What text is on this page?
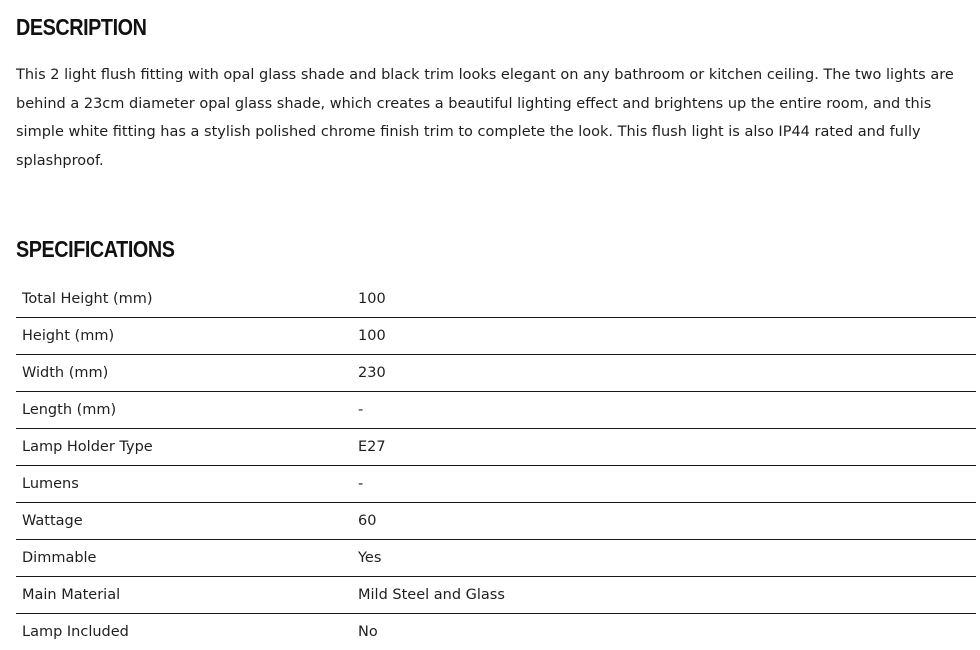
DESCRIPTION

This 2 light flush fitting with opal glass shade and black trim looks elegant on any bathroom or kitchen ceiling. The two lights are behind a 23cm diameter opal glass shade, which creates a beautiful lighting effect and brightens up the entire room, and this simple white fitting has a stylish polished chrome finish trim to complete the look. This flush light is also IP44 rated and fully splashproof.

SPECIFICATIONS
Total Height (mm)	100
Height (mm)	100
Width (mm)	230
Length (mm)	-
Lamp Holder Type	E27
Lumens	-
Wattage	60
Dimmable	Yes
Main Material	Mild Steel and Glass
Lamp Included	No
